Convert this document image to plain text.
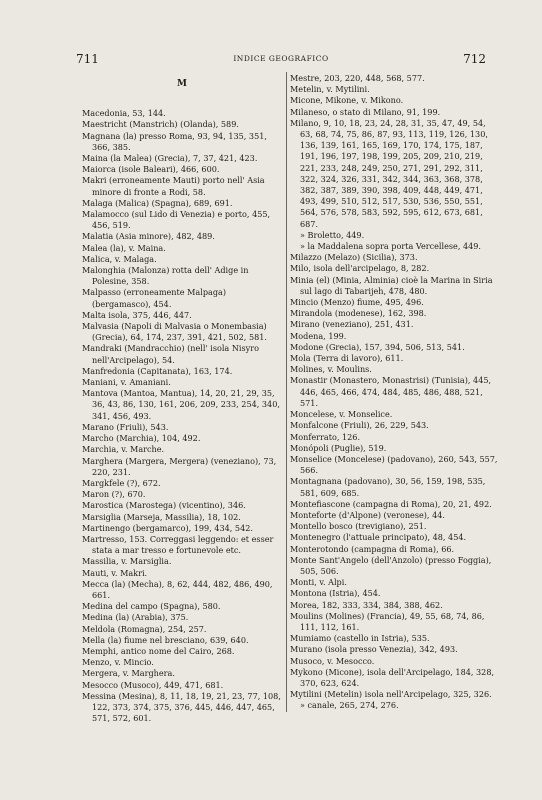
711	INDICE GEOGRAFICO	712
M
Macedonia, 53, 144.
Maestricht (Manstrich) (Olanda), 589.
Magnana (la) presso Roma, 93, 94, 135, 351, 366, 385.
Maina (la Malea) (Grecia), 7, 37, 421, 423.
Maiorca (isole Baleari), 466, 600.
Makri (erroneamente Mauti) porto nell' Asia minore di fronte a Rodi, 58.
Malaga (Malica) (Spagna), 689, 691.
Malamocco (sul Lido di Venezia) e porto, 455, 456, 519.
Malatia (Asia minore), 482, 489.
Malea (la), v. Maina.
Malica, v. Malaga.
Malonghia (Malonza) rotta dell' Adige in Polesine, 358.
Malpasso (erroneamente Malpaga) (bergamasco), 454.
Malta isola, 375, 446, 447.
Malvasia (Napoli di Malvasia o Monembasia) (Grecia), 64, 174, 237, 391, 421, 502, 581.
Mandraki (Mandracchio) (nell' isola Nisyro nell'Arcipelago), 54.
Manfredonia (Capitanata), 163, 174.
Maniani, v. Amaniani.
Mantova (Mantoa, Mantua), 14, 20, 21, 29, 35, 36, 43, 86, 130, 161, 206, 209, 233, 254, 340, 341, 456, 493.
Marano (Friuli), 543.
Marcho (Marchia), 104, 492.
Marchia, v. Marche.
Marghera (Margera, Mergera) (veneziano), 73, 220, 231.
Margkfele (?), 672.
Maron (?), 670.
Marostica (Marostega) (vicentino), 346.
Marsiglia (Marseja, Massilia), 18, 102.
Martinengo (bergamarco), 199, 434, 542.
Martresso, 153. Correggasi leggendo: et esser stata a mar tresso e fortunevole etc.
Massilia, v. Marsiglia.
Mauti, v. Makri.
Mecca (la) (Mecha), 8, 62, 444, 482, 486, 490, 661.
Medina del campo (Spagna), 580.
Medina (la) (Arabia), 375.
Meldola (Romagna), 254, 257.
Mella (la) fiume nel bresciano, 639, 640.
Memphi, antico nome del Cairo, 268.
Menzo, v. Mincio.
Mergera, v. Marghera.
Mesocco (Musoco), 449, 471, 681.
Messina (Mesina), 8, 11, 18, 19, 21, 23, 77, 108, 122, 373, 374, 375, 376, 445, 446, 447, 465, 571, 572, 601.
Mestre, 203, 220, 448, 568, 577.
Metelin, v. Mytilini.
Micone, Mikone, v. Mikono.
Milaneso, o stato di Milano, 91, 199.
Milano, 9, 10, 18, 23, 24, 28, 31, 35, 47, 49, 54, 63, 68, 74, 75, 86, 87, 93, 113, 119, 126, 130, 136, 139, 161, 165, 169, 170, 174, 175, 187, 191, 196, 197, 198, 199, 205, 209, 210, 219, 221, 233, 248, 249, 250, 271, 291, 292, 311, 322, 324, 326, 331, 342, 344, 363, 368, 378, 382, 387, 389, 390, 398, 409, 448, 449, 471, 493, 499, 510, 512, 517, 530, 536, 550, 551, 564, 576, 578, 583, 592, 595, 612, 673, 681, 687.
» Broletto, 449.
» la Maddalena sopra porta Vercellese, 449.
Milazzo (Melazo) (Sicilia), 373.
Milo, isola dell'arcipelago, 8, 282.
Minia (el) (Minia, Alminia) cioè la Marina in Siria sul lago di Tabarijeh, 478, 480.
Mincio (Menzo) fiume, 495, 496.
Mirandola (modenese), 162, 398.
Mirano (veneziano), 251, 431.
Modena, 199.
Modone (Grecia), 157, 394, 506, 513, 541.
Mola (Terra di lavoro), 611.
Molines, v. Moulins.
Monastir (Monastero, Monastrisi) (Tunisia), 445, 446, 465, 466, 474, 484, 485, 486, 488, 521, 571.
Moncelese, v. Monselice.
Monfalcone (Friuli), 26, 229, 543.
Monferrato, 126.
Monópoli (Puglie), 519.
Monselice (Moncelese) (padovano), 260, 543, 557, 566.
Montagnana (padovano), 30, 56, 159, 198, 535, 581, 609, 685.
Montefiascone (campagna di Roma), 20, 21, 492.
Monteforte (d'Alpone) (veronese), 44.
Montello bosco (trevigiano), 251.
Montenegro (l'attuale principato), 48, 454.
Monterotondo (campagna di Roma), 66.
Monte Sant'Angelo (dell'Anzolo) (presso Foggia), 505, 506.
Monti, v. Alpi.
Montona (Istria), 454.
Morea, 182, 333, 334, 384, 388, 462.
Moulins (Molines) (Francia), 49, 55, 68, 74, 86, 111, 112, 161.
Mumiamo (castello in Istria), 535.
Murano (isola presso Venezia), 342, 493.
Musoco, v. Mesocco.
Mykono (Micone), isola dell'Arcipelago, 184, 328, 370, 623, 624.
Mytilini (Metelin) isola nell'Arcipelago, 325, 326.
» canale, 265, 274, 276.
